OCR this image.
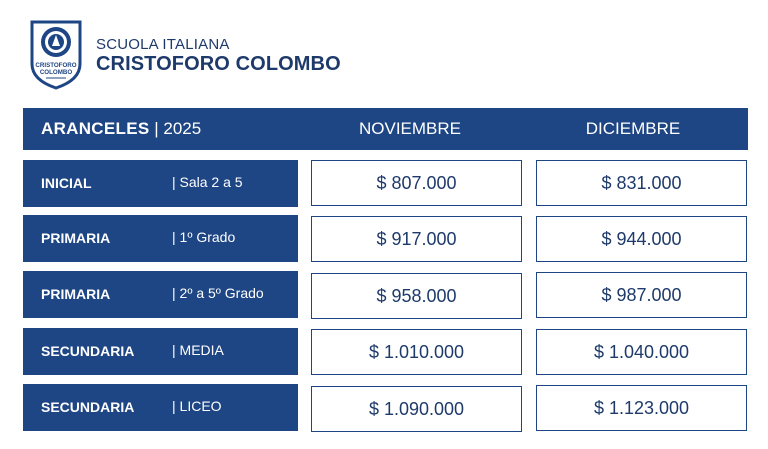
CRISTOFORO
COLOMBO
SCUOLA ITALIANA
CRISTOFORO COLOMBO
ARANCELES | 2025	NOVIEMBRE	DICIEMBRE
INICIAL	| Sala 2 a 5	$ 807.000	$ 831.000
PRIMARIA	| 1º Grado	$ 917.000	$ 944.000
PRIMARIA	| 2º a 5º Grado	$ 958.000	$ 987.000
SECUNDARIA	| MEDIA	$ 1.010.000	$ 1.040.000
SECUNDARIA	| LICEO	$ 1.090.000	$ 1.123.000
